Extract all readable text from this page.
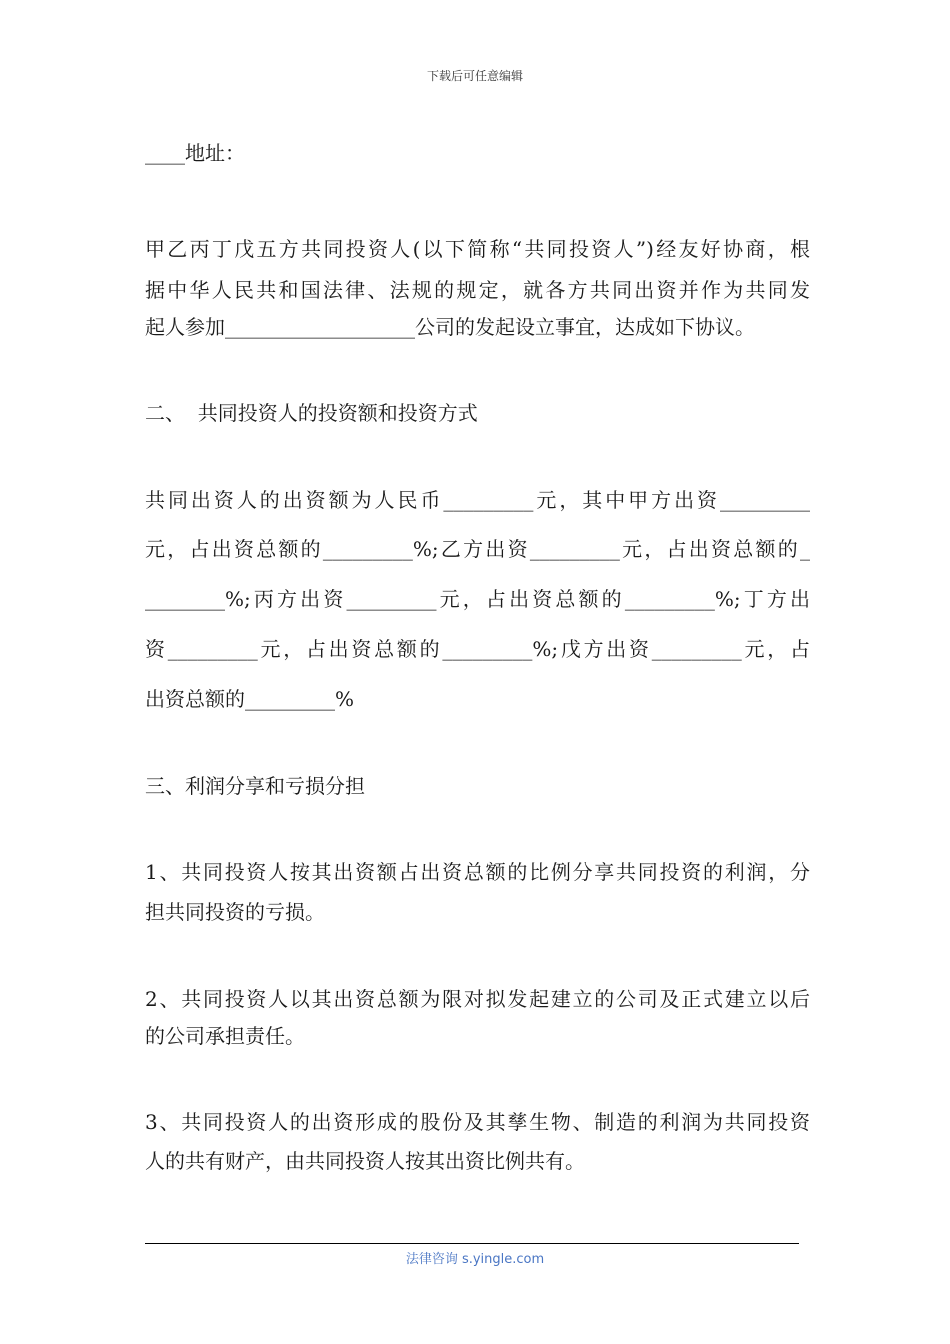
下载后可任意编辑
____地址：
甲乙丙丁戊五方共同投资人(以下简称“共同投资人”)经友好协商，根
据中华人民共和国法律、法规的规定，就各方共同出资并作为共同发
起人参加___________________公司的发起设立事宜，达成如下协议。
二、  共同投资人的投资额和投资方式
共同出资人的出资额为人民币_________元，其中甲方出资_________
元，占出资总额的_________%;乙方出资_________元，占出资总额的_
________%;丙方出资_________元，占出资总额的_________%;丁方出
资_________元，占出资总额的_________%;戊方出资_________元，占
出资总额的_________%
三、利润分享和亏损分担
1、共同投资人按其出资额占出资总额的比例分享共同投资的利润，分
担共同投资的亏损。
2、共同投资人以其出资总额为限对拟发起建立的公司及正式建立以后
的公司承担责任。
3、共同投资人的出资形成的股份及其孳生物、制造的利润为共同投资
人的共有财产，由共同投资人按其出资比例共有。
法律咨询 s.yingle.com
